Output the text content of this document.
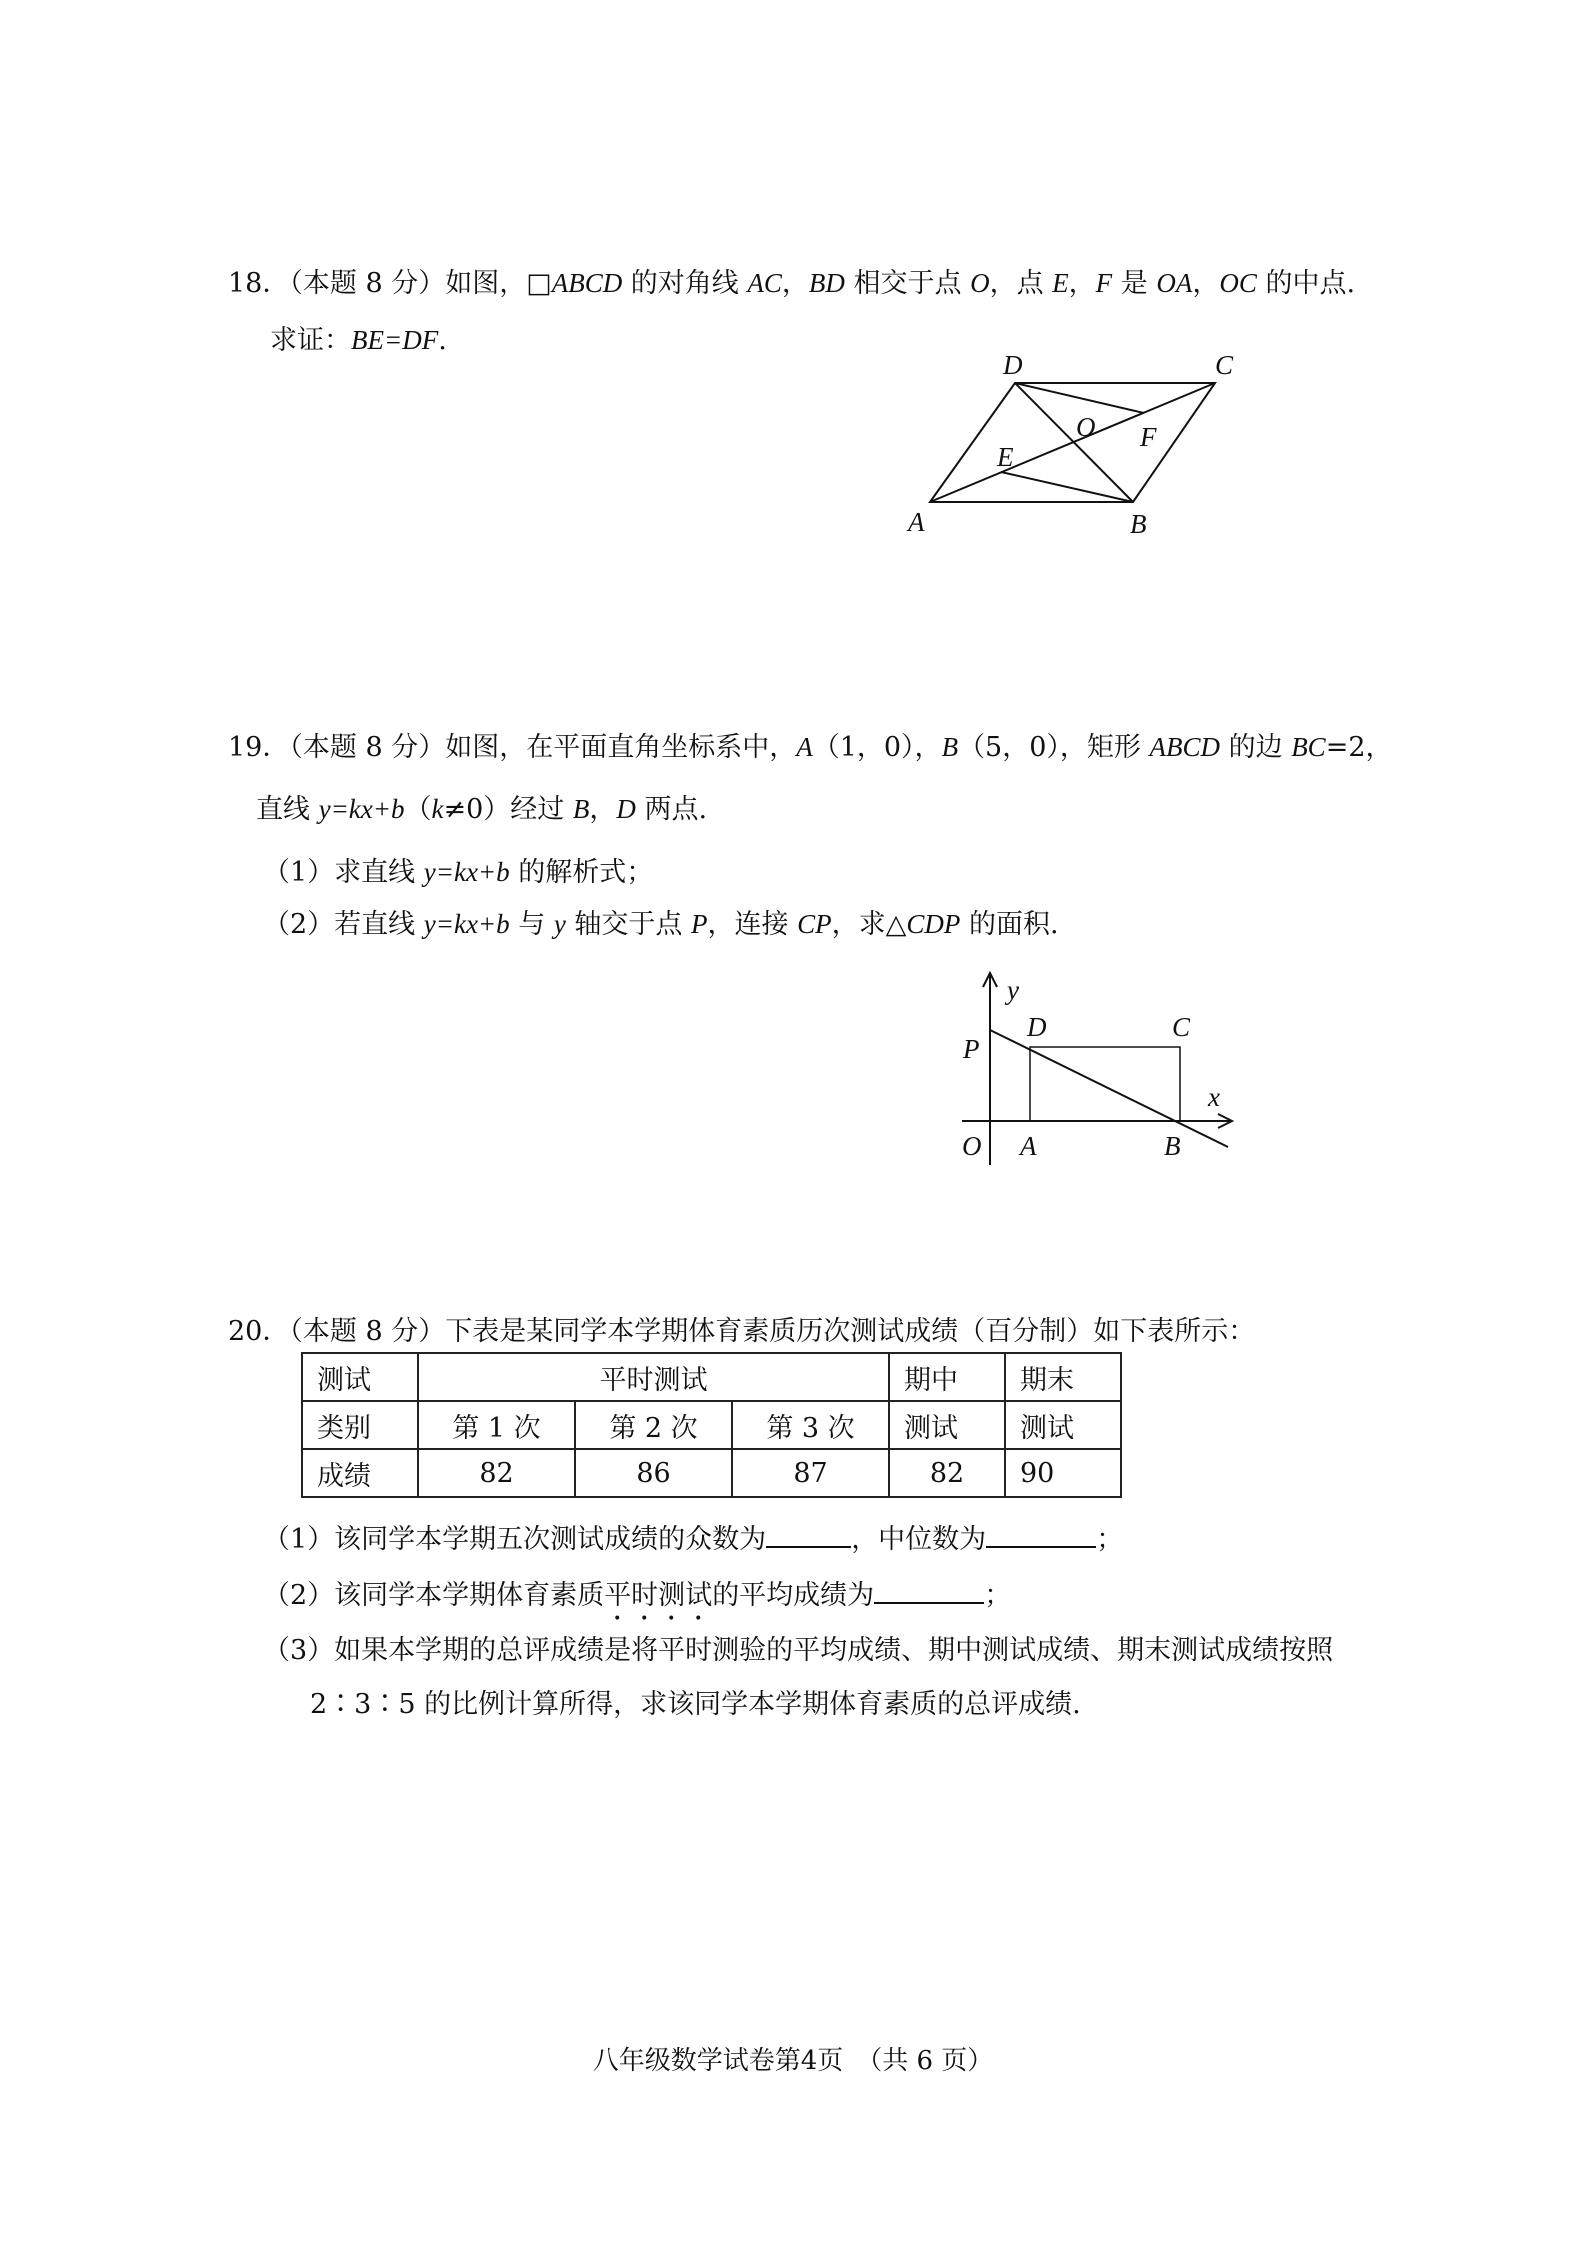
18．（本题 8 分）如图，□ABCD 的对角线 AC，BD 相交于点 O，点 E，F 是 OA，OC 的中点.
求证：BE=DF.
A	B
C
D
E
F
O
19．（本题 8 分）如图，在平面直角坐标系中，A（1，0），B（5，0），矩形 ABCD 的边 BC=2，
直线 y=kx+b（k≠0）经过 B，D 两点.
（1）求直线 y=kx+b 的解析式；
（2）若直线 y=kx+b 与 y 轴交于点 P，连接 CP，求△CDP 的面积.
y
x
O A	B
C
D
P
20．（本题 8 分）下表是某同学本学期体育素质历次测试成绩（百分制）如下表所示：
测试	平时测试			期中	期末
类别	第 1 次	第 2 次	第 3 次	测试	测试
成绩	82	86	87	82	90
（1）该同学本学期五次测试成绩的众数为	，中位数为	；
（2）该同学本学期体育素质平时测试的平均成绩为	；
（3）如果本学期的总评成绩是将平时测验的平均成绩、期中测试成绩、期末测试成绩按照
2∶3∶5 的比例计算所得，求该同学本学期体育素质的总评成绩.
八年级数学试卷第4页　（共 6 页）
